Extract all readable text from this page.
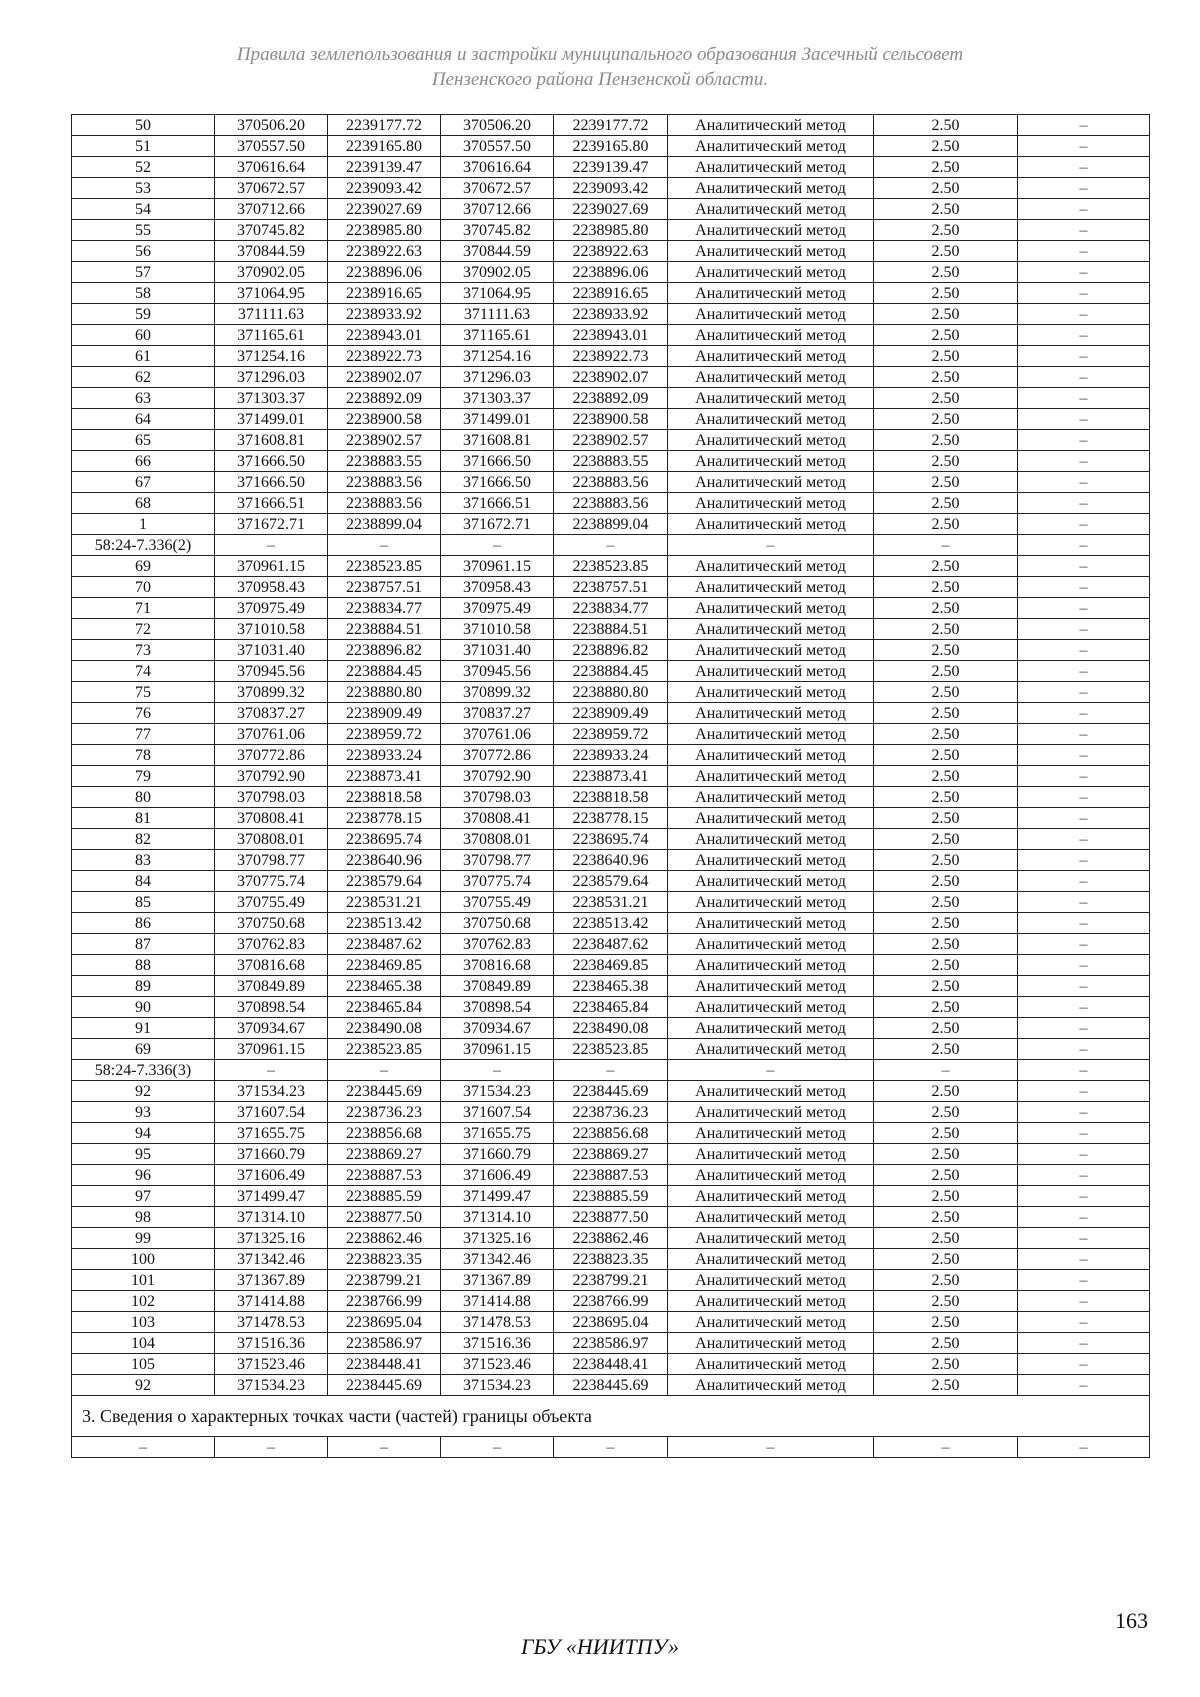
Правила землепользования и застройки муниципального образования Засечный сельсовет
Пензенского района Пензенской области.
50	370506.20	2239177.72	370506.20	2239177.72	Аналитический метод	2.50	–
51	370557.50	2239165.80	370557.50	2239165.80	Аналитический метод	2.50	–
52	370616.64	2239139.47	370616.64	2239139.47	Аналитический метод	2.50	–
53	370672.57	2239093.42	370672.57	2239093.42	Аналитический метод	2.50	–
54	370712.66	2239027.69	370712.66	2239027.69	Аналитический метод	2.50	–
55	370745.82	2238985.80	370745.82	2238985.80	Аналитический метод	2.50	–
56	370844.59	2238922.63	370844.59	2238922.63	Аналитический метод	2.50	–
57	370902.05	2238896.06	370902.05	2238896.06	Аналитический метод	2.50	–
58	371064.95	2238916.65	371064.95	2238916.65	Аналитический метод	2.50	–
59	371111.63	2238933.92	371111.63	2238933.92	Аналитический метод	2.50	–
60	371165.61	2238943.01	371165.61	2238943.01	Аналитический метод	2.50	–
61	371254.16	2238922.73	371254.16	2238922.73	Аналитический метод	2.50	–
62	371296.03	2238902.07	371296.03	2238902.07	Аналитический метод	2.50	–
63	371303.37	2238892.09	371303.37	2238892.09	Аналитический метод	2.50	–
64	371499.01	2238900.58	371499.01	2238900.58	Аналитический метод	2.50	–
65	371608.81	2238902.57	371608.81	2238902.57	Аналитический метод	2.50	–
66	371666.50	2238883.55	371666.50	2238883.55	Аналитический метод	2.50	–
67	371666.50	2238883.56	371666.50	2238883.56	Аналитический метод	2.50	–
68	371666.51	2238883.56	371666.51	2238883.56	Аналитический метод	2.50	–
1	371672.71	2238899.04	371672.71	2238899.04	Аналитический метод	2.50	–
58:24-7.336(2)	–	–	–	–	–	–	–
69	370961.15	2238523.85	370961.15	2238523.85	Аналитический метод	2.50	–
70	370958.43	2238757.51	370958.43	2238757.51	Аналитический метод	2.50	–
71	370975.49	2238834.77	370975.49	2238834.77	Аналитический метод	2.50	–
72	371010.58	2238884.51	371010.58	2238884.51	Аналитический метод	2.50	–
73	371031.40	2238896.82	371031.40	2238896.82	Аналитический метод	2.50	–
74	370945.56	2238884.45	370945.56	2238884.45	Аналитический метод	2.50	–
75	370899.32	2238880.80	370899.32	2238880.80	Аналитический метод	2.50	–
76	370837.27	2238909.49	370837.27	2238909.49	Аналитический метод	2.50	–
77	370761.06	2238959.72	370761.06	2238959.72	Аналитический метод	2.50	–
78	370772.86	2238933.24	370772.86	2238933.24	Аналитический метод	2.50	–
79	370792.90	2238873.41	370792.90	2238873.41	Аналитический метод	2.50	–
80	370798.03	2238818.58	370798.03	2238818.58	Аналитический метод	2.50	–
81	370808.41	2238778.15	370808.41	2238778.15	Аналитический метод	2.50	–
82	370808.01	2238695.74	370808.01	2238695.74	Аналитический метод	2.50	–
83	370798.77	2238640.96	370798.77	2238640.96	Аналитический метод	2.50	–
84	370775.74	2238579.64	370775.74	2238579.64	Аналитический метод	2.50	–
85	370755.49	2238531.21	370755.49	2238531.21	Аналитический метод	2.50	–
86	370750.68	2238513.42	370750.68	2238513.42	Аналитический метод	2.50	–
87	370762.83	2238487.62	370762.83	2238487.62	Аналитический метод	2.50	–
88	370816.68	2238469.85	370816.68	2238469.85	Аналитический метод	2.50	–
89	370849.89	2238465.38	370849.89	2238465.38	Аналитический метод	2.50	–
90	370898.54	2238465.84	370898.54	2238465.84	Аналитический метод	2.50	–
91	370934.67	2238490.08	370934.67	2238490.08	Аналитический метод	2.50	–
69	370961.15	2238523.85	370961.15	2238523.85	Аналитический метод	2.50	–
58:24-7.336(3)	–	–	–	–	–	–	–
92	371534.23	2238445.69	371534.23	2238445.69	Аналитический метод	2.50	–
93	371607.54	2238736.23	371607.54	2238736.23	Аналитический метод	2.50	–
94	371655.75	2238856.68	371655.75	2238856.68	Аналитический метод	2.50	–
95	371660.79	2238869.27	371660.79	2238869.27	Аналитический метод	2.50	–
96	371606.49	2238887.53	371606.49	2238887.53	Аналитический метод	2.50	–
97	371499.47	2238885.59	371499.47	2238885.59	Аналитический метод	2.50	–
98	371314.10	2238877.50	371314.10	2238877.50	Аналитический метод	2.50	–
99	371325.16	2238862.46	371325.16	2238862.46	Аналитический метод	2.50	–
100	371342.46	2238823.35	371342.46	2238823.35	Аналитический метод	2.50	–
101	371367.89	2238799.21	371367.89	2238799.21	Аналитический метод	2.50	–
102	371414.88	2238766.99	371414.88	2238766.99	Аналитический метод	2.50	–
103	371478.53	2238695.04	371478.53	2238695.04	Аналитический метод	2.50	–
104	371516.36	2238586.97	371516.36	2238586.97	Аналитический метод	2.50	–
105	371523.46	2238448.41	371523.46	2238448.41	Аналитический метод	2.50	–
92	371534.23	2238445.69	371534.23	2238445.69	Аналитический метод	2.50	–
3. Сведения о характерных точках части (частей) границы объекта							
–	–	–	–	–	–	–	–
163
ГБУ «НИИТПУ»
